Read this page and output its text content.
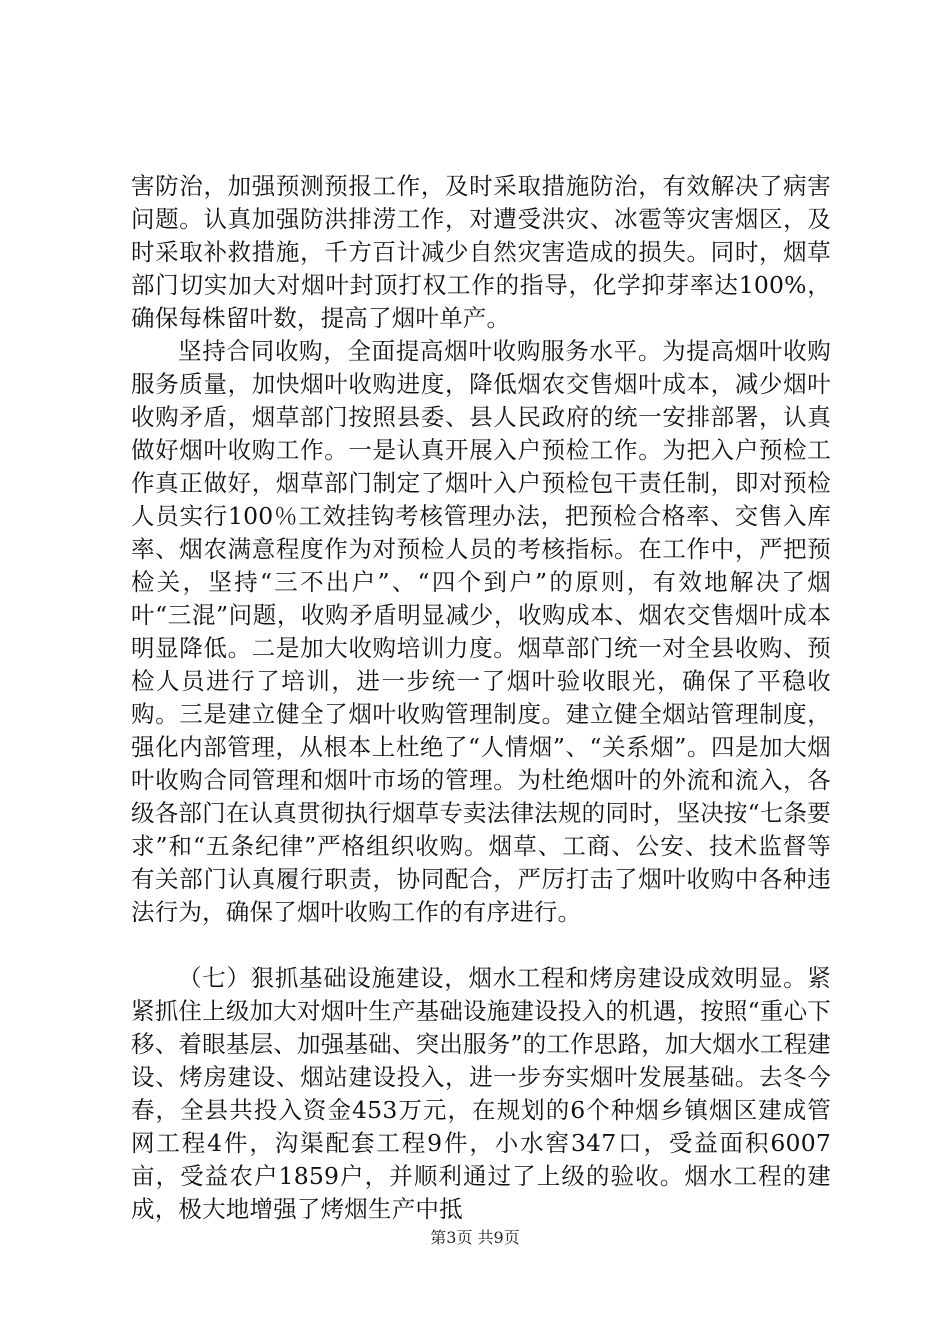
害防治，加强预测预报工作，及时采取措施防治，有效解决了病害问题。认真加强防洪排涝工作，对遭受洪灾、冰雹等灾害烟区，及时采取补救措施，千方百计减少自然灾害造成的损失。同时，烟草部门切实加大对烟叶封顶打权工作的指导，化学抑芽率达100%，确保每株留叶数，提高了烟叶单产。

坚持合同收购，全面提高烟叶收购服务水平。为提高烟叶收购服务质量，加快烟叶收购进度，降低烟农交售烟叶成本，减少烟叶收购矛盾，烟草部门按照县委、县人民政府的统一安排部署，认真做好烟叶收购工作。一是认真开展入户预检工作。为把入户预检工作真正做好，烟草部门制定了烟叶入户预检包干责任制，即对预检人员实行100％工效挂钩考核管理办法，把预检合格率、交售入库率、烟农满意程度作为对预检人员的考核指标。在工作中，严把预检关，坚持“三不出户”、“四个到户”的原则，有效地解决了烟叶“三混”问题，收购矛盾明显减少，收购成本、烟农交售烟叶成本明显降低。二是加大收购培训力度。烟草部门统一对全县收购、预检人员进行了培训，进一步统一了烟叶验收眼光，确保了平稳收购。三是建立健全了烟叶收购管理制度。建立健全烟站管理制度，强化内部管理，从根本上杜绝了“人情烟”、“关系烟”。四是加大烟叶收购合同管理和烟叶市场的管理。为杜绝烟叶的外流和流入，各级各部门在认真贯彻执行烟草专卖法律法规的同时，坚决按“七条要求”和“五条纪律”严格组织收购。烟草、工商、公安、技术监督等有关部门认真履行职责，协同配合，严厉打击了烟叶收购中各种违法行为，确保了烟叶收购工作的有序进行。

（七）狠抓基础设施建设，烟水工程和烤房建设成效明显。紧紧抓住上级加大对烟叶生产基础设施建设投入的机遇，按照“重心下移、着眼基层、加强基础、突出服务”的工作思路，加大烟水工程建设、烤房建设、烟站建设投入，进一步夯实烟叶发展基础。去冬今春，全县共投入资金453万元，在规划的6个种烟乡镇烟区建成管网工程4件，沟渠配套工程9件，小水窖347口，受益面积6007亩，受益农户1859户，并顺利通过了上级的验收。烟水工程的建成，极大地增强了烤烟生产中抵

第3页 共9页
